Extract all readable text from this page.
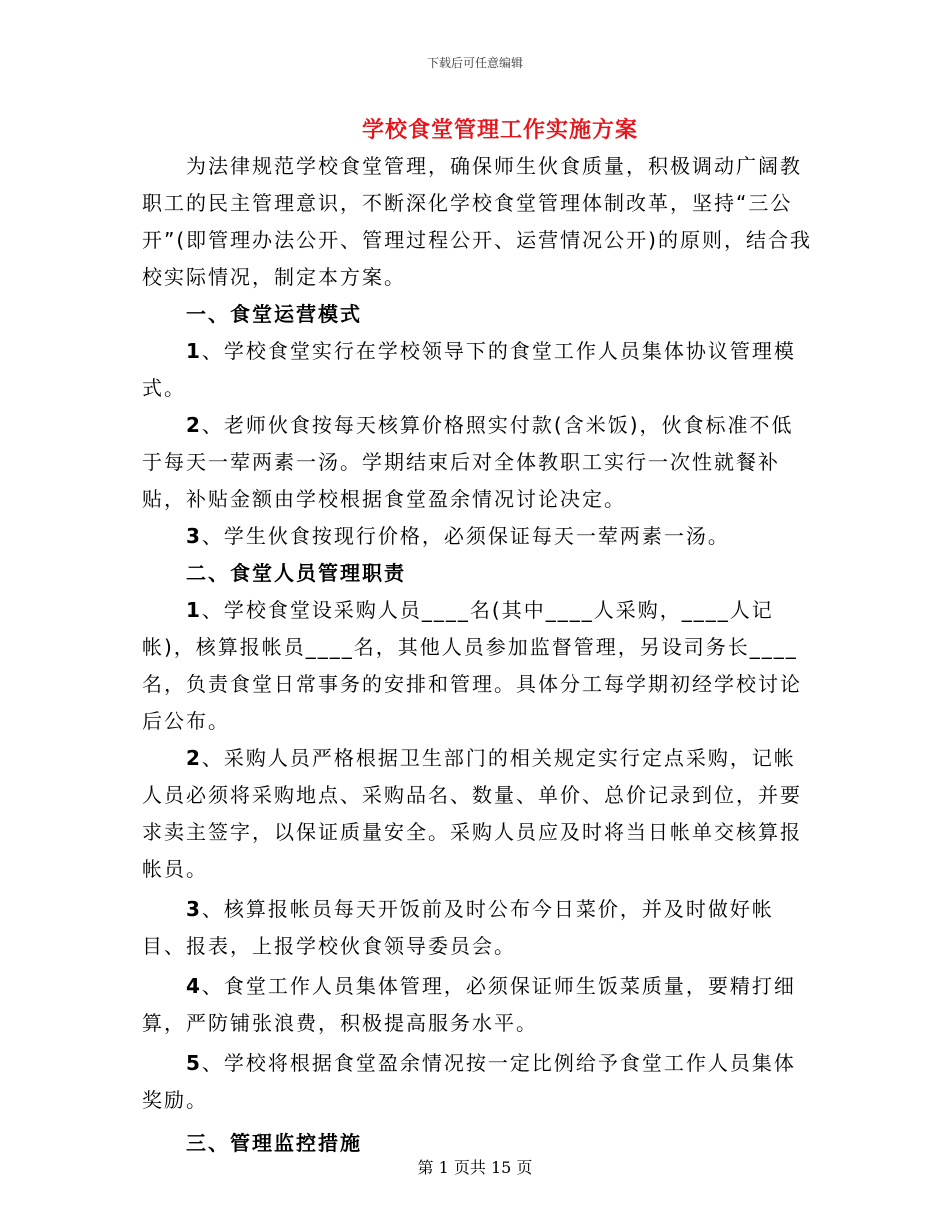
下载后可任意编辑
学校食堂管理工作实施方案

为法律规范学校食堂管理，确保师生伙食质量，积极调动广阔教职工的民主管理意识，不断深化学校食堂管理体制改革，坚持“三公开”(即管理办法公开、管理过程公开、运营情况公开)的原则，结合我校实际情况，制定本方案。

一、食堂运营模式

1、学校食堂实行在学校领导下的食堂工作人员集体协议管理模式。

2、老师伙食按每天核算价格照实付款(含米饭)，伙食标准不低于每天一荤两素一汤。学期结束后对全体教职工实行一次性就餐补贴，补贴金额由学校根据食堂盈余情况讨论决定。

3、学生伙食按现行价格，必须保证每天一荤两素一汤。

二、食堂人员管理职责

1、学校食堂设采购人员____名(其中____人采购，____人记帐)，核算报帐员____名，其他人员参加监督管理，另设司务长____名，负责食堂日常事务的安排和管理。具体分工每学期初经学校讨论后公布。

2、采购人员严格根据卫生部门的相关规定实行定点采购，记帐人员必须将采购地点、采购品名、数量、单价、总价记录到位，并要求卖主签字，以保证质量安全。采购人员应及时将当日帐单交核算报帐员。

3、核算报帐员每天开饭前及时公布今日菜价，并及时做好帐目、报表，上报学校伙食领导委员会。

4、食堂工作人员集体管理，必须保证师生饭菜质量，要精打细算，严防铺张浪费，积极提高服务水平。

5、学校将根据食堂盈余情况按一定比例给予食堂工作人员集体奖励。

三、管理监控措施

第 1 页共 15 页
